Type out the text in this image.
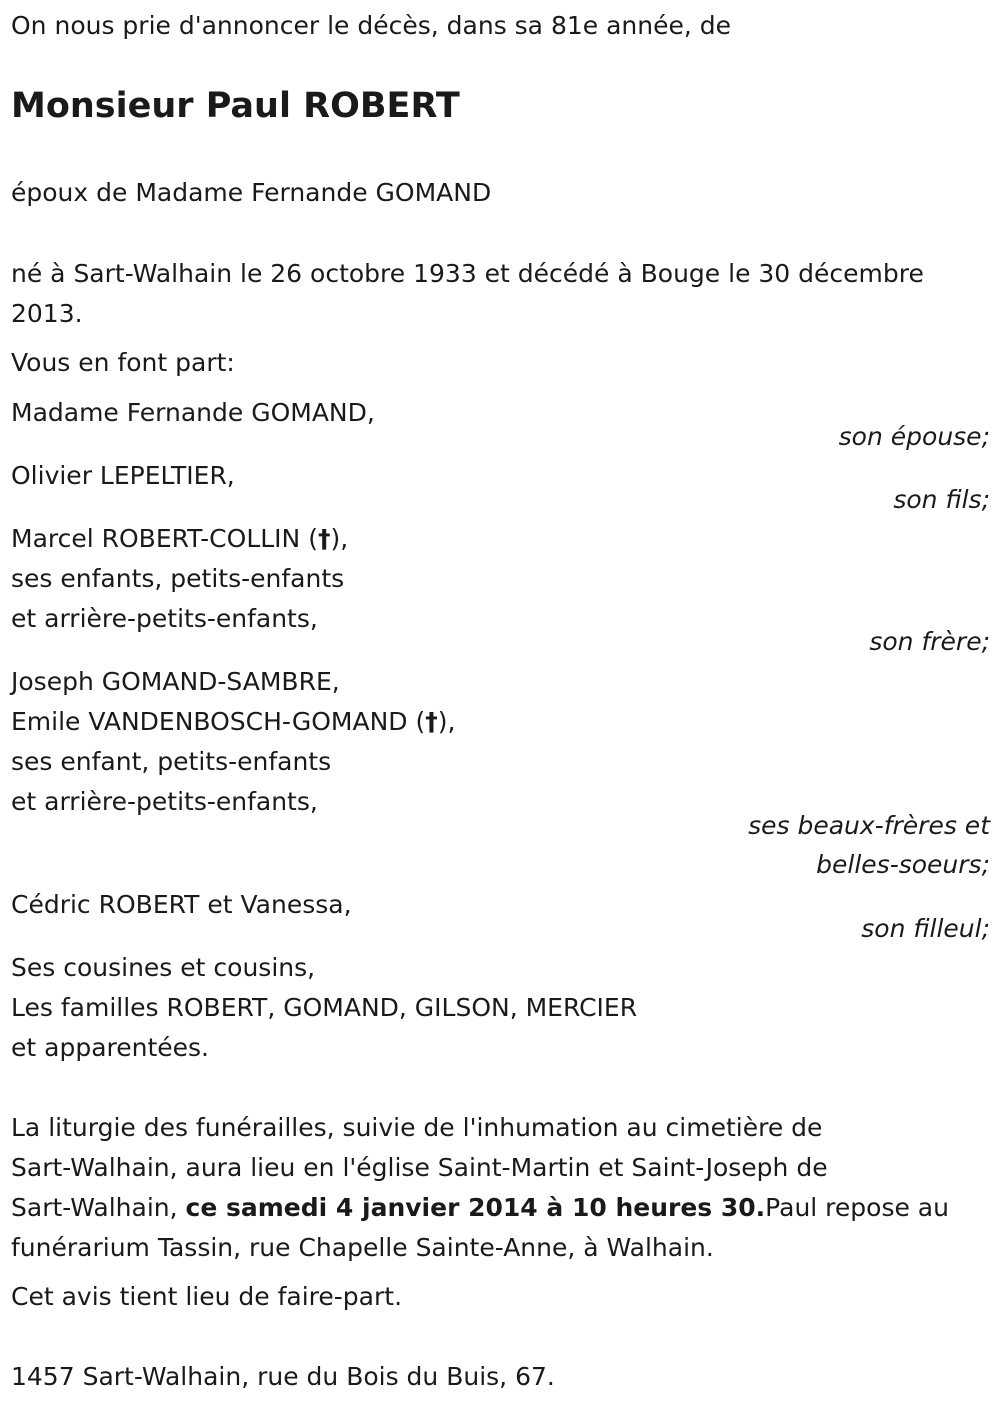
On nous prie d'annoncer le décès, dans sa 81e année, de

Monsieur Paul ROBERT

époux de Madame Fernande GOMAND

né à Sart-Walhain le 26 octobre 1933 et décédé à Bouge le 30 décembre

2013.

Vous en font part:

Madame Fernande GOMAND,

son épouse;

Olivier LEPELTIER,

son fils;

Marcel ROBERT-COLLIN (†),

ses enfants, petits-enfants

et arrière-petits-enfants,

son frère;

Joseph GOMAND-SAMBRE,

Emile VANDENBOSCH-GOMAND (†),

ses enfant, petits-enfants

et arrière-petits-enfants,

ses beaux-frères et

belles-soeurs;

Cédric ROBERT et Vanessa,

son filleul;

Ses cousines et cousins,

Les familles ROBERT, GOMAND, GILSON, MERCIER

et apparentées.

La liturgie des funérailles, suivie de l'inhumation au cimetière de

Sart-Walhain, aura lieu en l'église Saint-Martin et Saint-Joseph de

Sart-Walhain, ce samedi 4 janvier 2014 à 10 heures 30.Paul repose au

funérarium Tassin, rue Chapelle Sainte-Anne, à Walhain.

Cet avis tient lieu de faire-part.

1457 Sart-Walhain, rue du Bois du Buis, 67.
